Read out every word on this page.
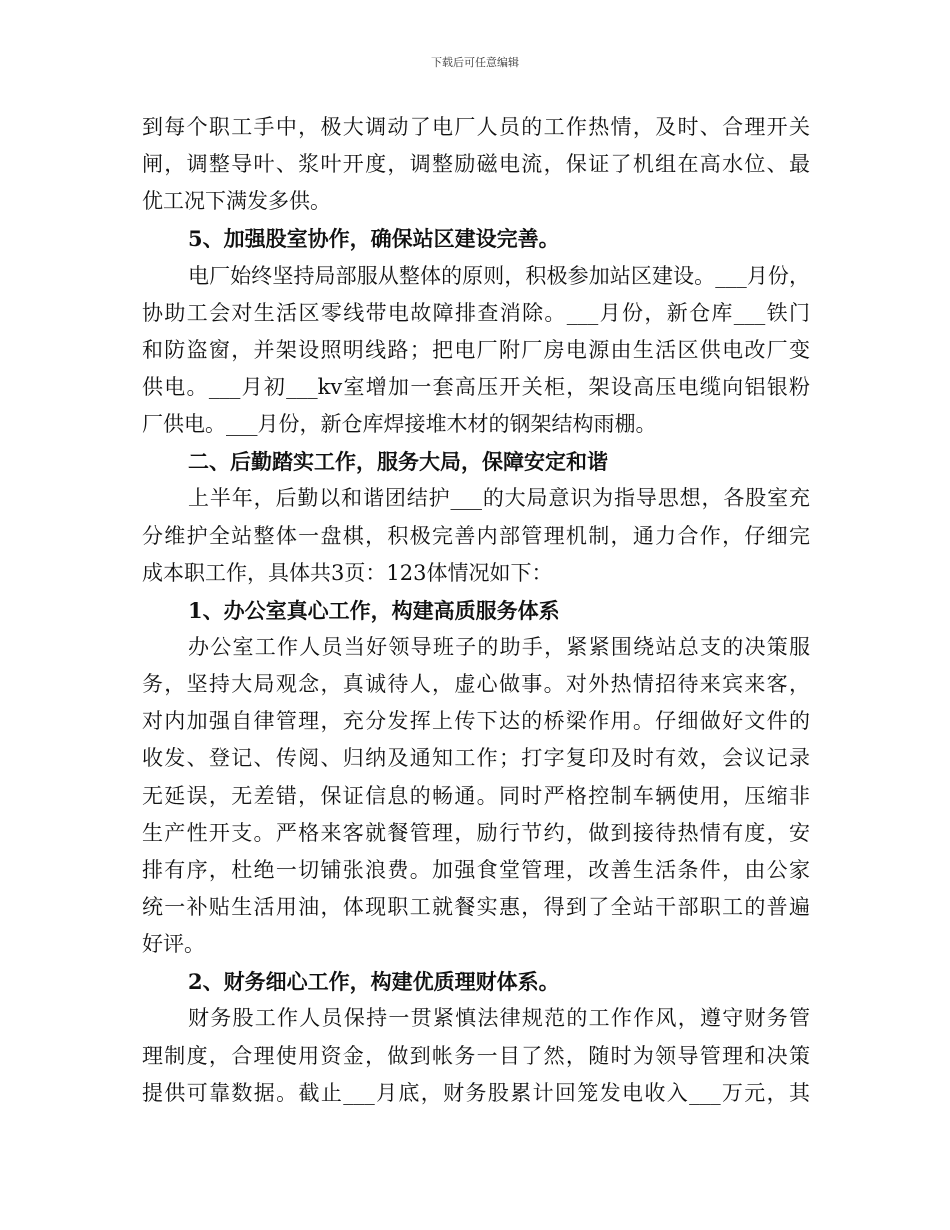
下载后可任意编辑
到每个职工手中，极大调动了电厂人员的工作热情，及时、合理开关
闸，调整导叶、浆叶开度，调整励磁电流，保证了机组在高水位、最
优工况下满发多供。
5、加强股室协作，确保站区建设完善。
电厂始终坚持局部服从整体的原则，积极参加站区建设。___月份，
协助工会对生活区零线带电故障排查消除。___月份，新仓库___铁门
和防盗窗，并架设照明线路；把电厂附厂房电源由生活区供电改厂变
供电。___月初___kv室增加一套高压开关柜，架设高压电缆向铝银粉
厂供电。___月份，新仓库焊接堆木材的钢架结构雨棚。
二、后勤踏实工作，服务大局，保障安定和谐
上半年，后勤以和谐团结护___的大局意识为指导思想，各股室充
分维护全站整体一盘棋，积极完善内部管理机制，通力合作，仔细完
成本职工作，具体共3页：123体情况如下：
1、办公室真心工作，构建高质服务体系
办公室工作人员当好领导班子的助手，紧紧围绕站总支的决策服
务，坚持大局观念，真诚待人，虚心做事。对外热情招待来宾来客，
对内加强自律管理，充分发挥上传下达的桥梁作用。仔细做好文件的
收发、登记、传阅、归纳及通知工作；打字复印及时有效，会议记录
无延误，无差错，保证信息的畅通。同时严格控制车辆使用，压缩非
生产性开支。严格来客就餐管理，励行节约，做到接待热情有度，安
排有序，杜绝一切铺张浪费。加强食堂管理，改善生活条件，由公家
统一补贴生活用油，体现职工就餐实惠，得到了全站干部职工的普遍
好评。
2、财务细心工作，构建优质理财体系。
财务股工作人员保持一贯紧慎法律规范的工作作风，遵守财务管
理制度，合理使用资金，做到帐务一目了然，随时为领导管理和决策
提供可靠数据。截止___月底，财务股累计回笼发电收入___万元，其
